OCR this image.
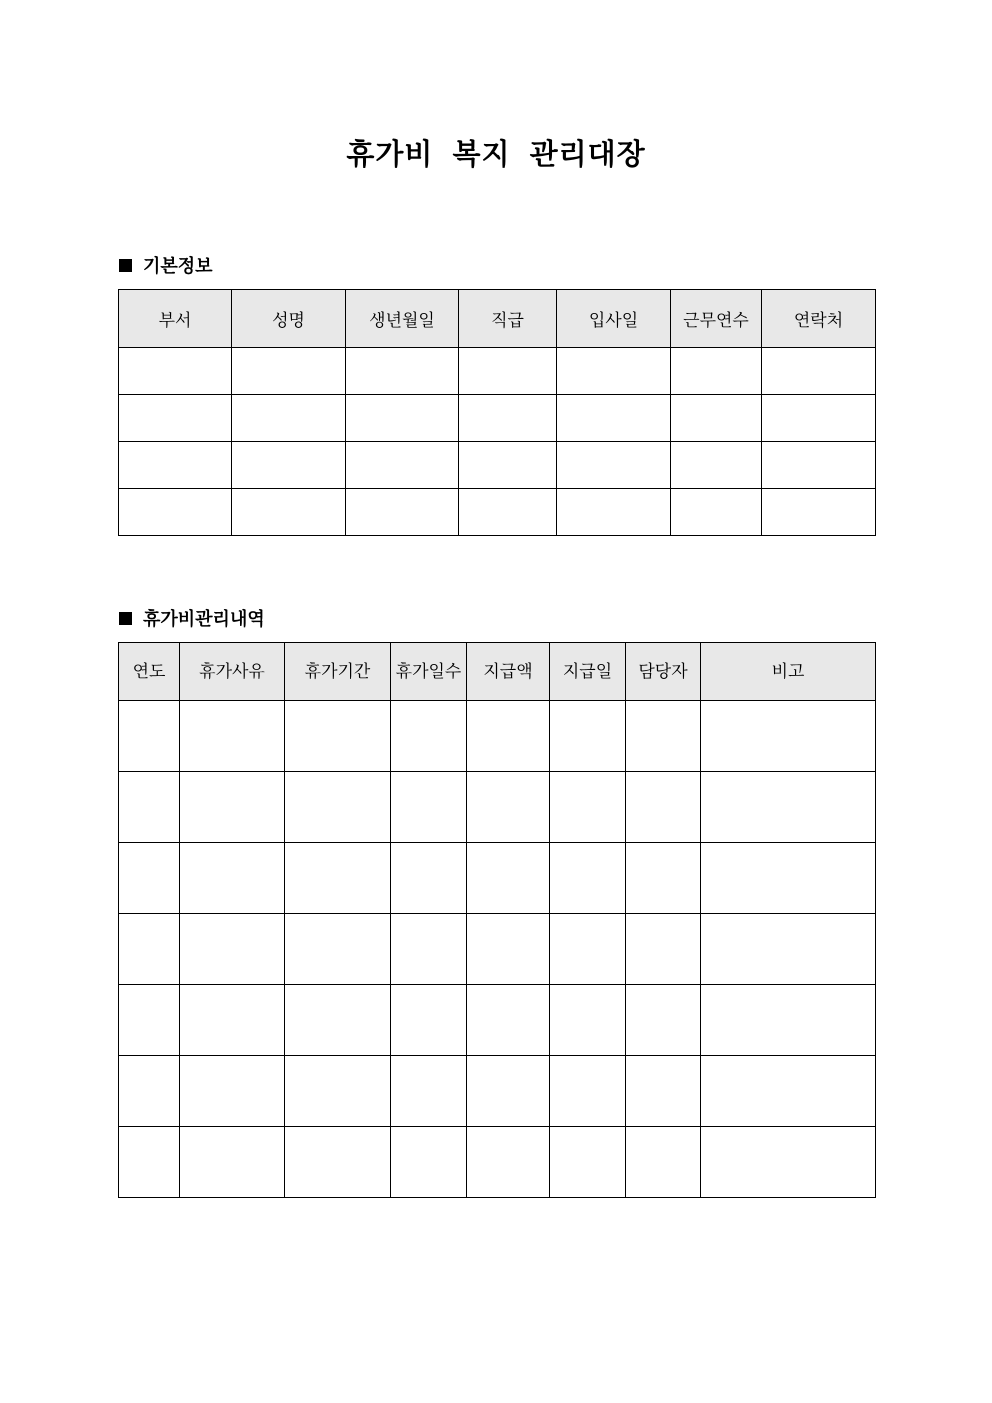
휴가비 복지 관리대장
기본정보
부서	성명	생년월일	직급	입사일	근무연수	연락처

휴가비관리내역
연도	휴가사유	휴가기간	휴가일수	지급액	지급일	담당자	비고
